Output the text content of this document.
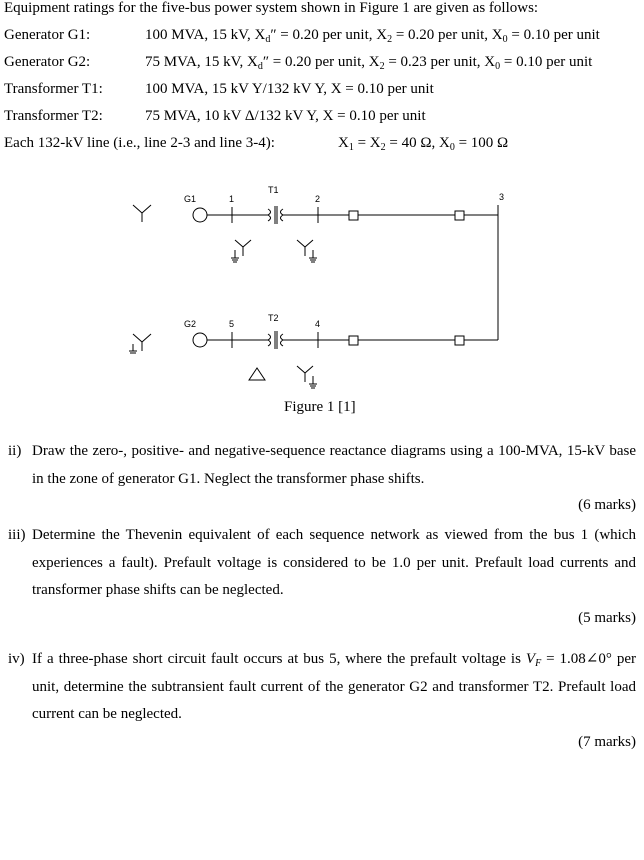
Equipment ratings for the five-bus power system shown in Figure 1 are given as follows:
Generator G1:	100 MVA, 15 kV, $X_d'' = 0.20$ per unit, $X_2 = 0.20$ per unit, $X_0 = 0.10$ per unit
Generator G2:	75 MVA, 15 kV, $X_d'' = 0.20$ per unit, $X_2 = 0.23$ per unit, $X_0 = 0.10$ per unit
Transformer T1:	100 MVA, 15 kV Y/132 kV Y, X = 0.10 per unit
Transformer T2:	75 MVA, 10 kV Δ/132 kV Y, X = 0.10 per unit
Each 132-kV line (i.e., line 2-3 and line 3-4):	$X_1 = X_2 = 40$ Ω, $X_0 = 100$ Ω
G1	1
T1
2	3
G2	5
T2
4
Figure 1 [1]
ii) Draw the zero-, positive- and negative-sequence reactance diagrams using a 100-MVA, 15-kV base in the zone of generator G1. Neglect the transformer phase shifts.
(6 marks)
iii) Determine the Thevenin equivalent of each sequence network as viewed from the bus 1 (which experiences a fault). Prefault voltage is considered to be 1.0 per unit. Prefault load currents and transformer phase shifts can be neglected.
(5 marks)
iv) If a three-phase short circuit fault occurs at bus 5, where the prefault voltage is $V_F$ = 1.08∠0° per unit, determine the subtransient fault current of the generator G2 and transformer T2. Prefault load current can be neglected.
(7 marks)
